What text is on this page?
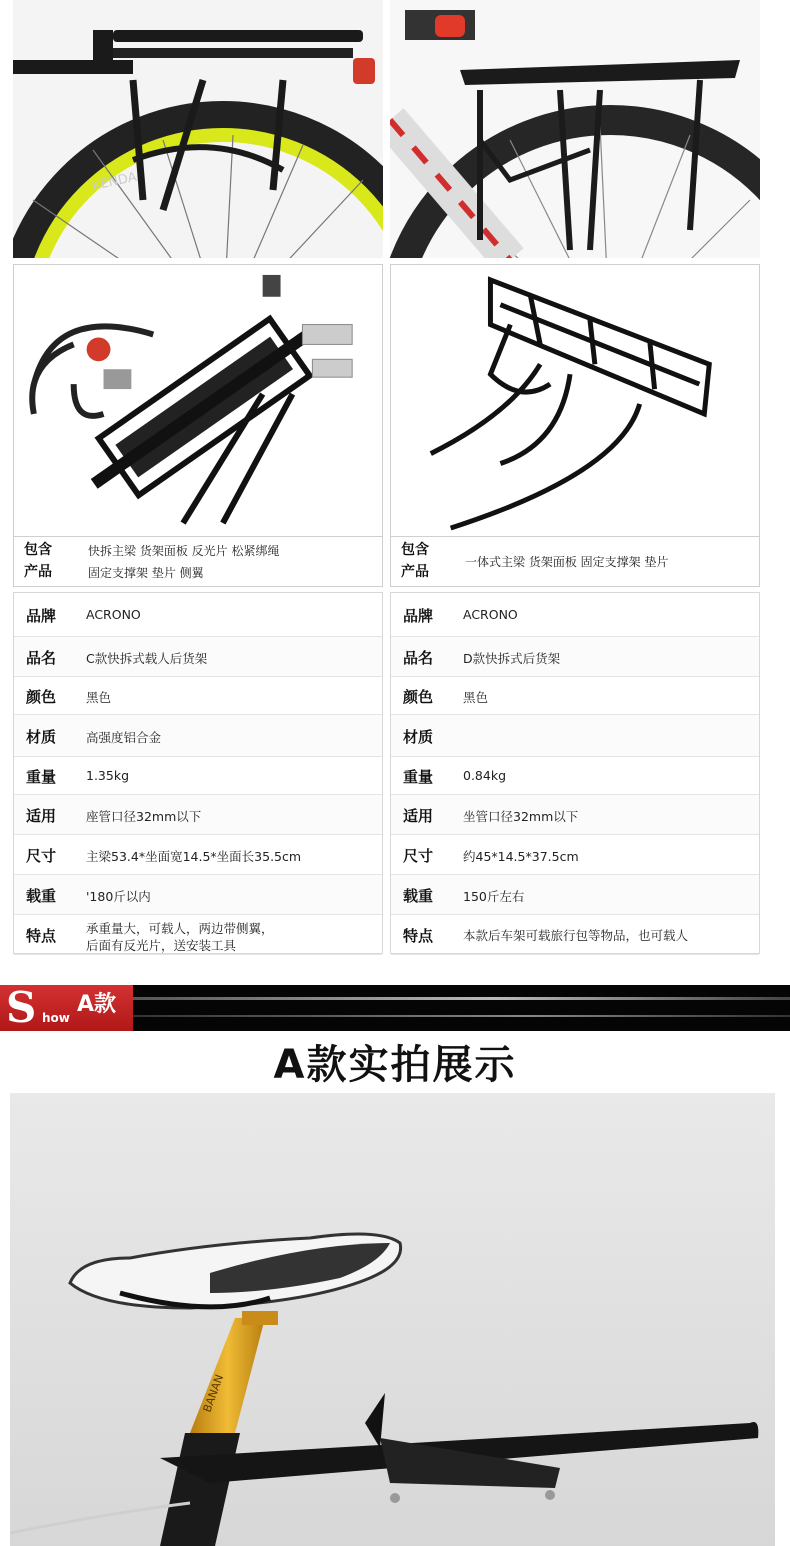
KENDA
包含
产品
快拆主梁 货架面板 反光片 松紧绑绳
固定支撑架 垫片 侧翼
包含
产品
一体式主梁 货架面板 固定支撑架 垫片
品牌 ACRONO
品名 C款快拆式载人后货架
颜色 黑色
材质 高强度铝合金
重量 1.35kg
适用 座管口径32mm以下
尺寸 主梁53.4*坐面宽14.5*坐面长35.5cm
载重 '180斤以内
特点 承重量大，可载人，两边带侧翼，
后面有反光片，送安装工具
品牌 ACRONO
品名 D款快拆式后货架
颜色 黑色
材质
重量 0.84kg
适用 坐管口径32mm以下
尺寸 约45*14.5*37.5cm
载重 150斤左右
特点 本款后车架可载旅行包等物品，也可载人
S how
A款
A款实拍展示
BANAN
